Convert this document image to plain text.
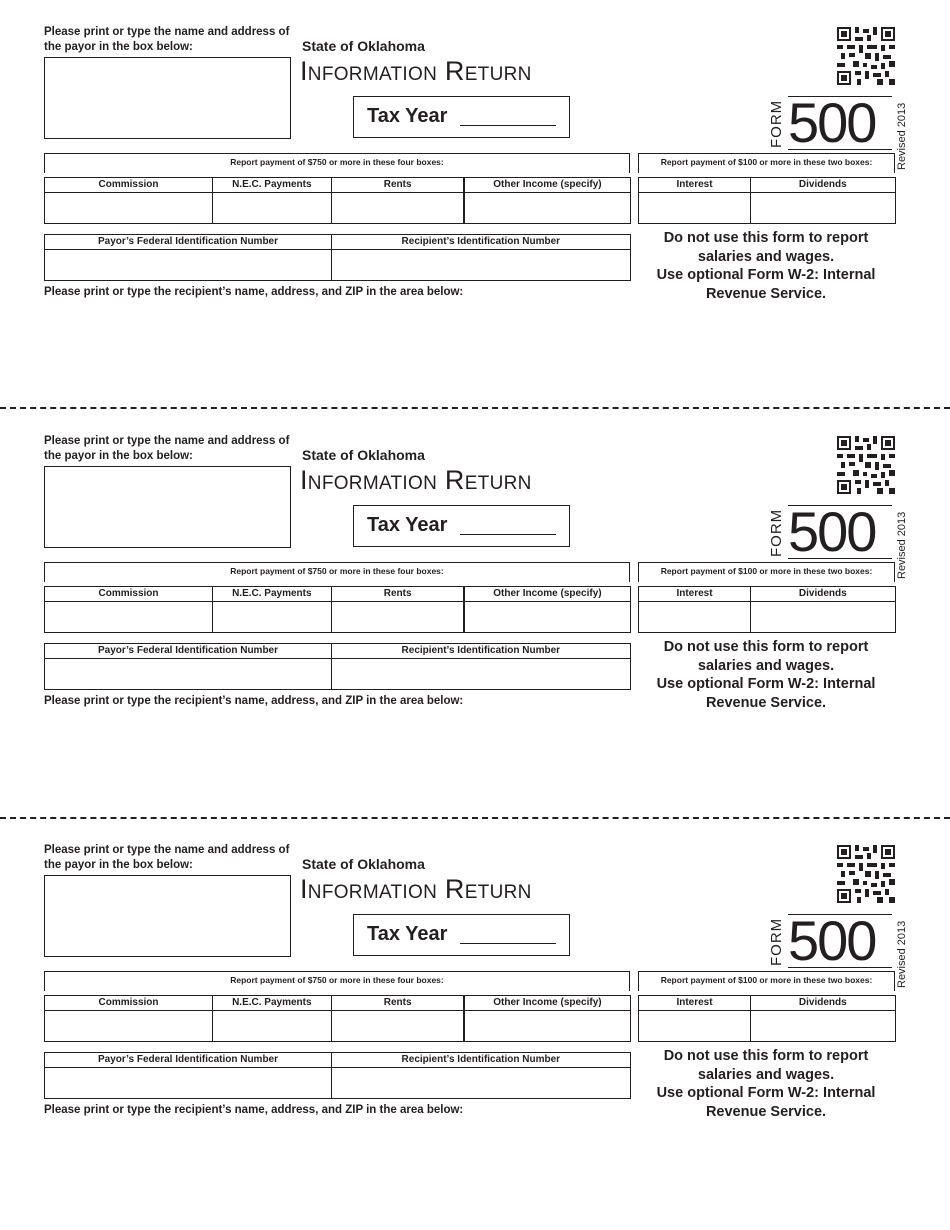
Please print or type the name and address of the payor in the box below:	State of Oklahoma
Information Return
Tax Year	FORM 500 Revised 2013
Report payment of $750 or more in these four boxes:	Report payment of $100 or more in these two boxes:
Commission	N.E.C. Payments	Rents	Other Income (specify)	Interest	Dividends
Payor’s Federal Identification Number	Recipient’s Identification Number
Please print or type the recipient’s name, address, and ZIP in the area below:
Do not use this form to report salaries and wages.
Use optional Form W-2: Internal Revenue Service.
Please print or type the name and address of the payor in the box below:	State of Oklahoma
Information Return
Tax Year	FORM 500 Revised 2013
Report payment of $750 or more in these four boxes:	Report payment of $100 or more in these two boxes:
Commission	N.E.C. Payments	Rents	Other Income (specify)	Interest	Dividends
Payor’s Federal Identification Number	Recipient’s Identification Number
Please print or type the recipient’s name, address, and ZIP in the area below:
Do not use this form to report salaries and wages.
Use optional Form W-2: Internal Revenue Service.
Please print or type the name and address of the payor in the box below:	State of Oklahoma
Information Return
Tax Year	FORM 500 Revised 2013
Report payment of $750 or more in these four boxes:	Report payment of $100 or more in these two boxes:
Commission	N.E.C. Payments	Rents	Other Income (specify)	Interest	Dividends
Payor’s Federal Identification Number	Recipient’s Identification Number
Please print or type the recipient’s name, address, and ZIP in the area below:
Do not use this form to report salaries and wages.
Use optional Form W-2: Internal Revenue Service.
